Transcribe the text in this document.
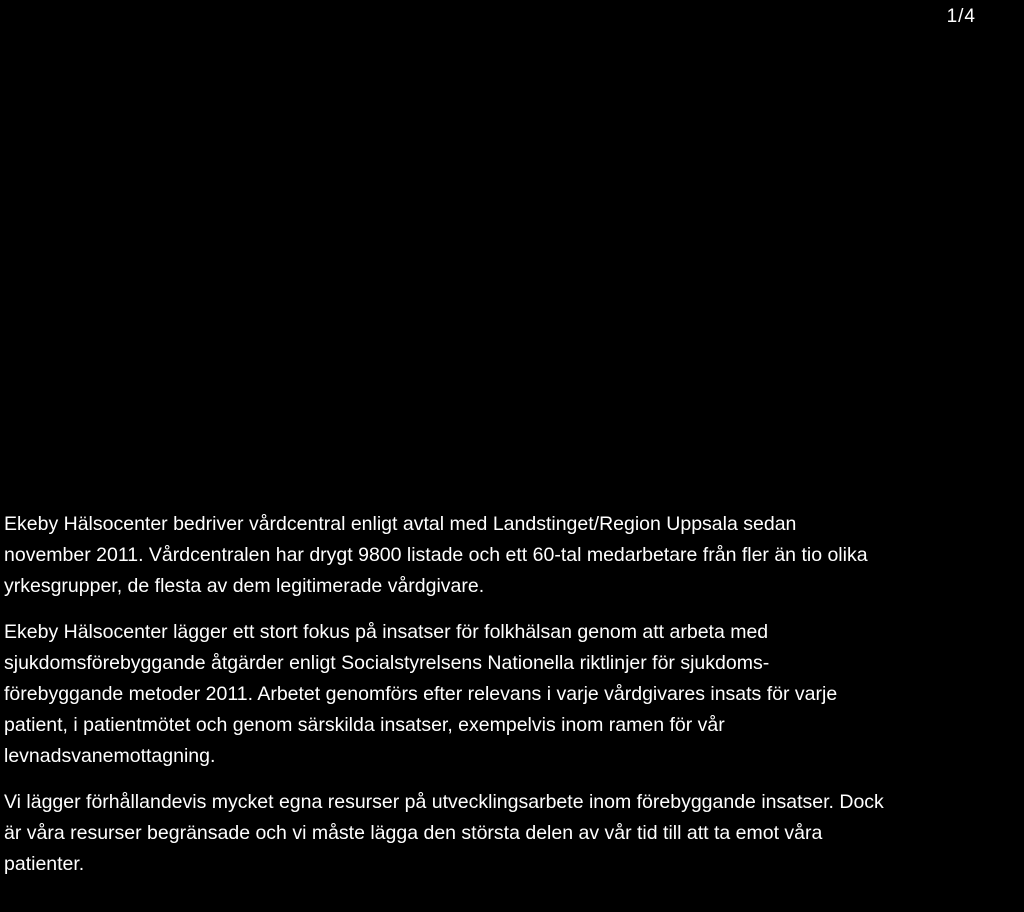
1/4

Ekeby Hälsocenter bedriver vårdcentral enligt avtal med Landstinget/Region Uppsala sedan
november 2011. Vårdcentralen har drygt 9800 listade och ett 60-tal medarbetare från fler än tio olika
yrkesgrupper, de flesta av dem legitimerade vårdgivare.

Ekeby Hälsocenter lägger ett stort fokus på insatser för folkhälsan genom att arbeta med
sjukdomsförebyggande åtgärder enligt Socialstyrelsens Nationella riktlinjer för sjukdoms-
förebyggande metoder 2011. Arbetet genomförs efter relevans i varje vårdgivares insats för varje
patient, i patientmötet och genom särskilda insatser, exempelvis inom ramen för vår
levnadsvanemottagning.

Vi lägger förhållandevis mycket egna resurser på utvecklingsarbete inom förebyggande insatser. Dock
är våra resurser begränsade och vi måste lägga den största delen av vår tid till att ta emot våra
patienter.
